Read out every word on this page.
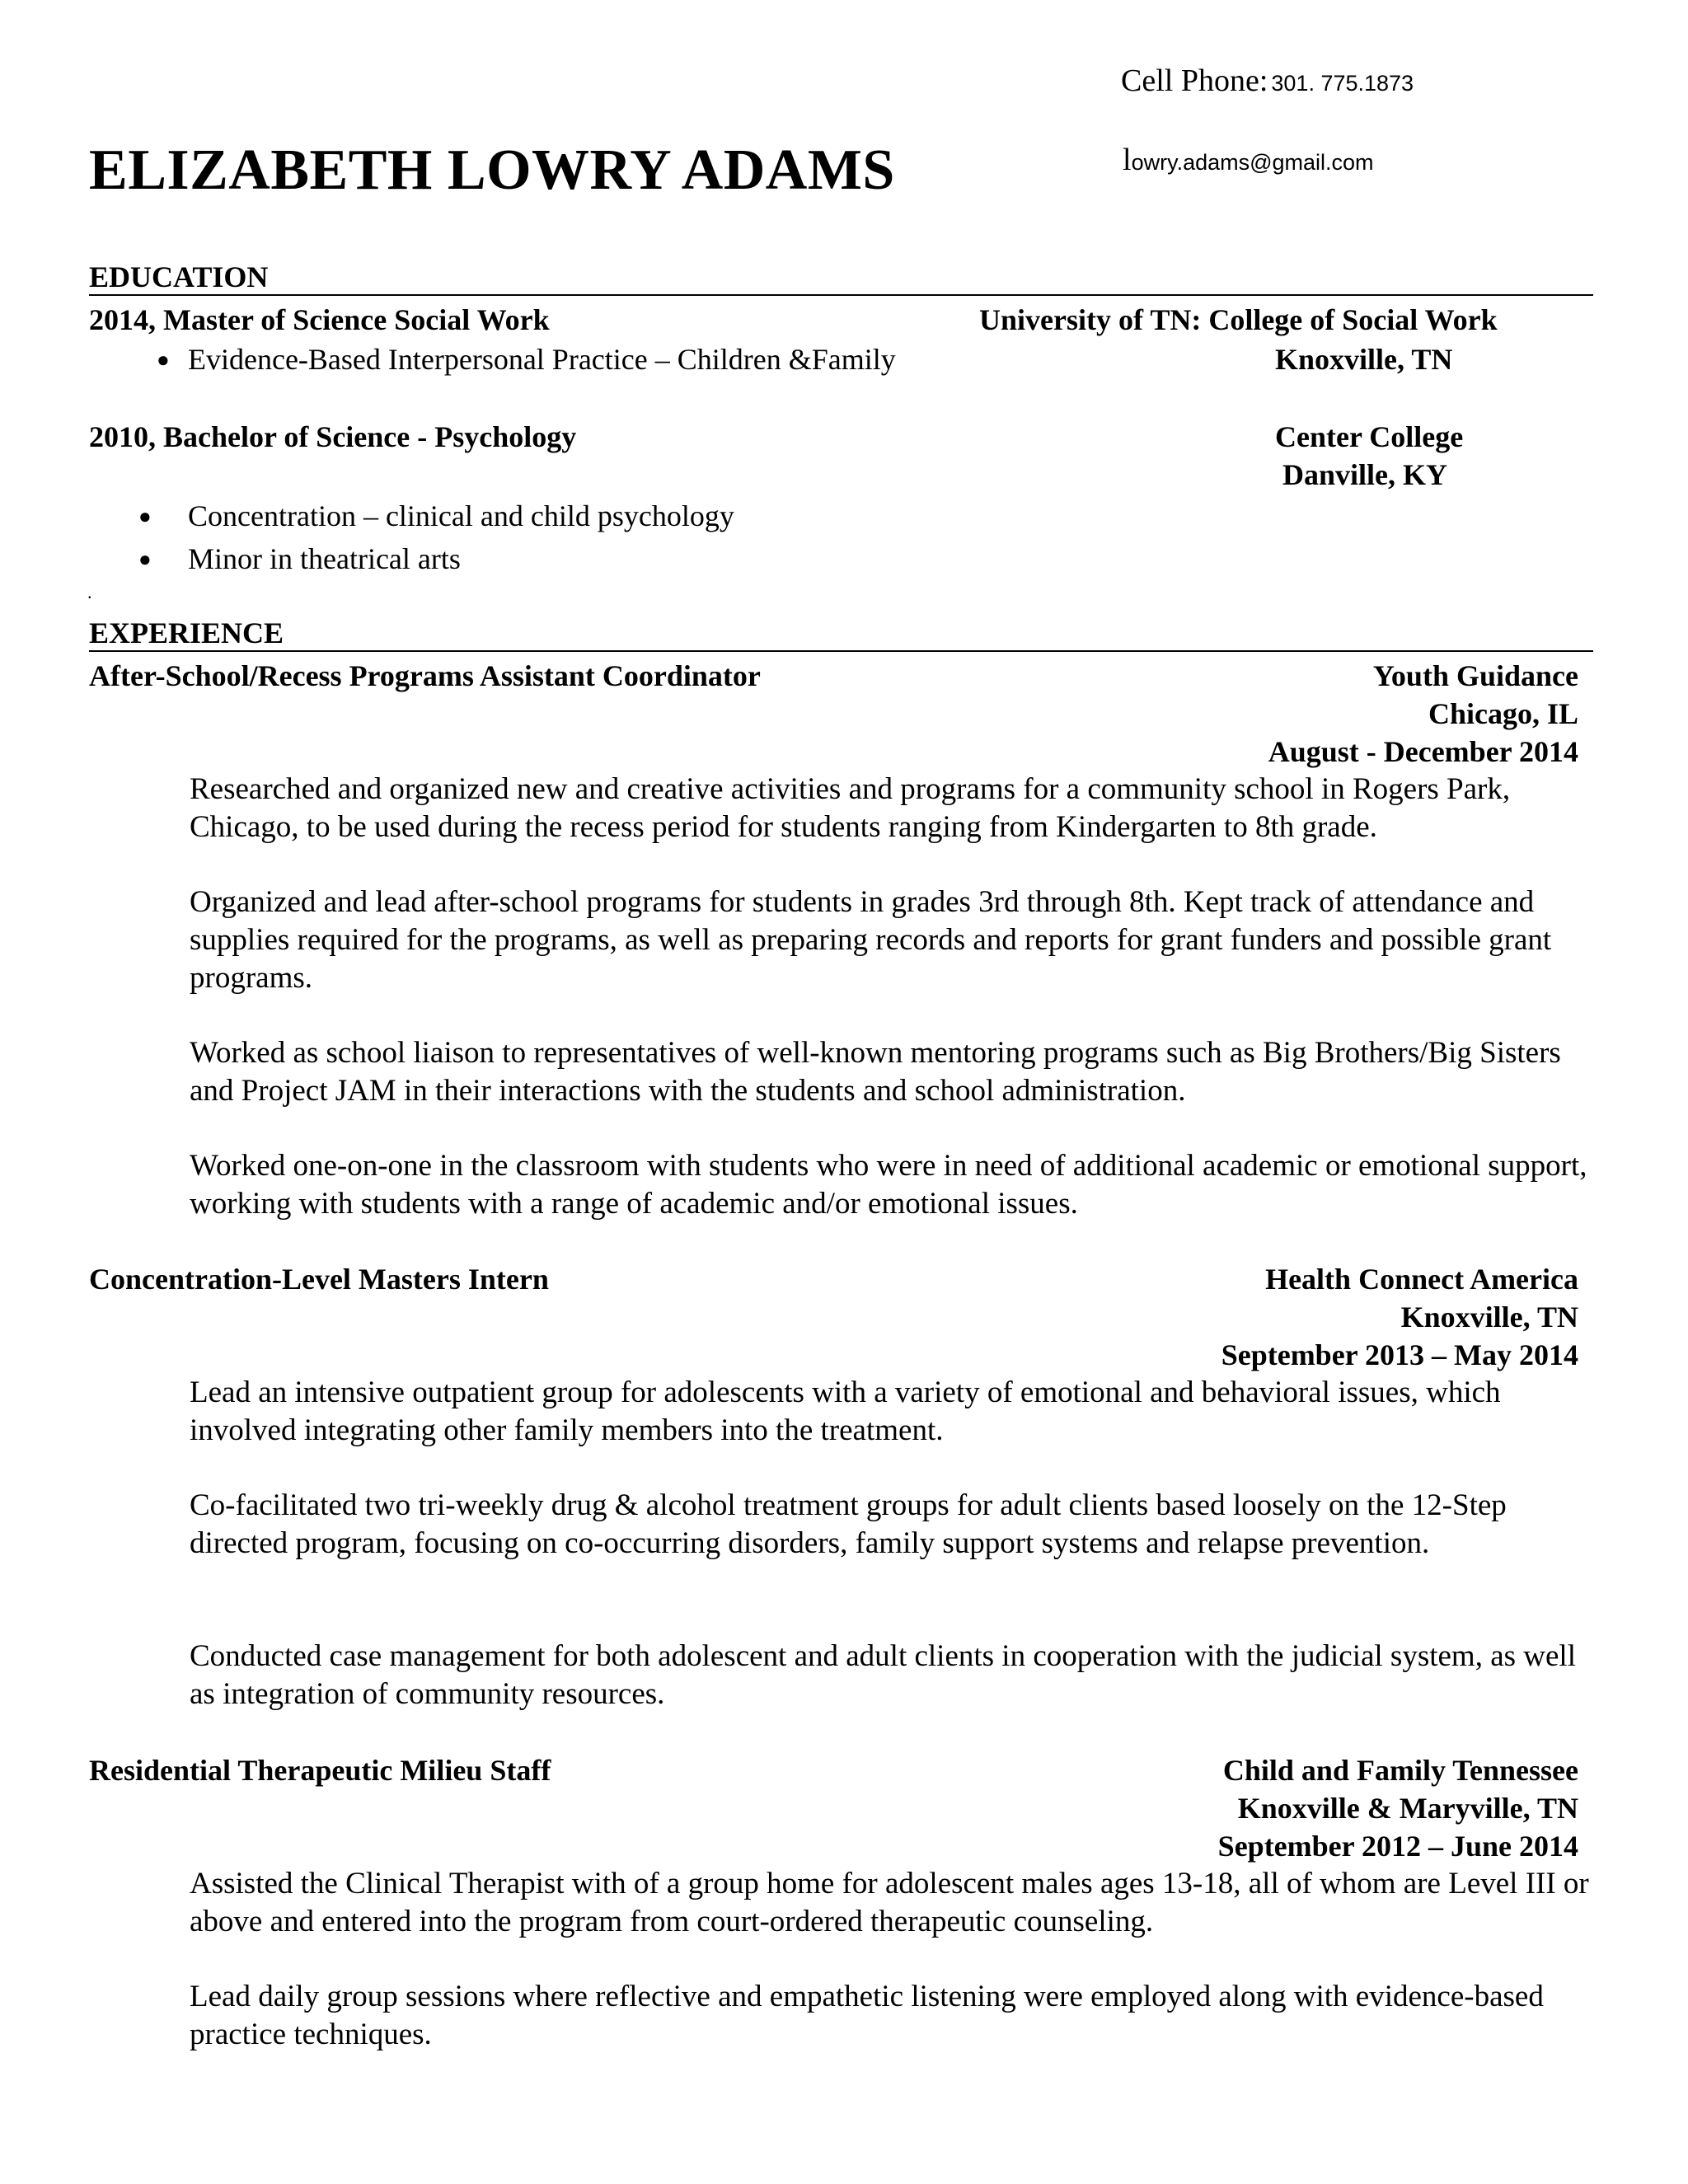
Cell Phone: 301. 775.1873
lowry.adams@gmail.com
ELIZABETH LOWRY ADAMS
EDUCATION
2014, Master of Science Social Work	University of TN: College of Social Work
● Evidence-Based Interpersonal Practice – Children &Family	Knoxville, TN
2010, Bachelor of Science - Psychology	Center College
Danville, KY
● Concentration – clinical and child psychology
● Minor in theatrical arts
.
EXPERIENCE
After-School/Recess Programs Assistant Coordinator	Youth Guidance
Chicago, IL
August - December 2014
Researched and organized new and creative activities and programs for a community school in Rogers Park, Chicago, to be used during the recess period for students ranging from Kindergarten to 8th grade.
Organized and lead after-school programs for students in grades 3rd through 8th. Kept track of attendance and supplies required for the programs, as well as preparing records and reports for grant funders and possible grant programs.
Worked as school liaison to representatives of well-known mentoring programs such as Big Brothers/Big Sisters and Project JAM in their interactions with the students and school administration.
Worked one-on-one in the classroom with students who were in need of additional academic or emotional support, working with students with a range of academic and/or emotional issues.
Concentration-Level Masters Intern	Health Connect America
Knoxville, TN
September 2013 – May 2014
Lead an intensive outpatient group for adolescents with a variety of emotional and behavioral issues, which involved integrating other family members into the treatment.
Co-facilitated two tri-weekly drug & alcohol treatment groups for adult clients based loosely on the 12-Step directed program, focusing on co-occurring disorders, family support systems and relapse prevention.
Conducted case management for both adolescent and adult clients in cooperation with the judicial system, as well as integration of community resources.
Residential Therapeutic Milieu Staff	Child and Family Tennessee
Knoxville & Maryville, TN
September 2012 – June 2014
Assisted the Clinical Therapist with of a group home for adolescent males ages 13-18, all of whom are Level III or above and entered into the program from court-ordered therapeutic counseling.
Lead daily group sessions where reflective and empathetic listening were employed along with evidence-based practice techniques.
